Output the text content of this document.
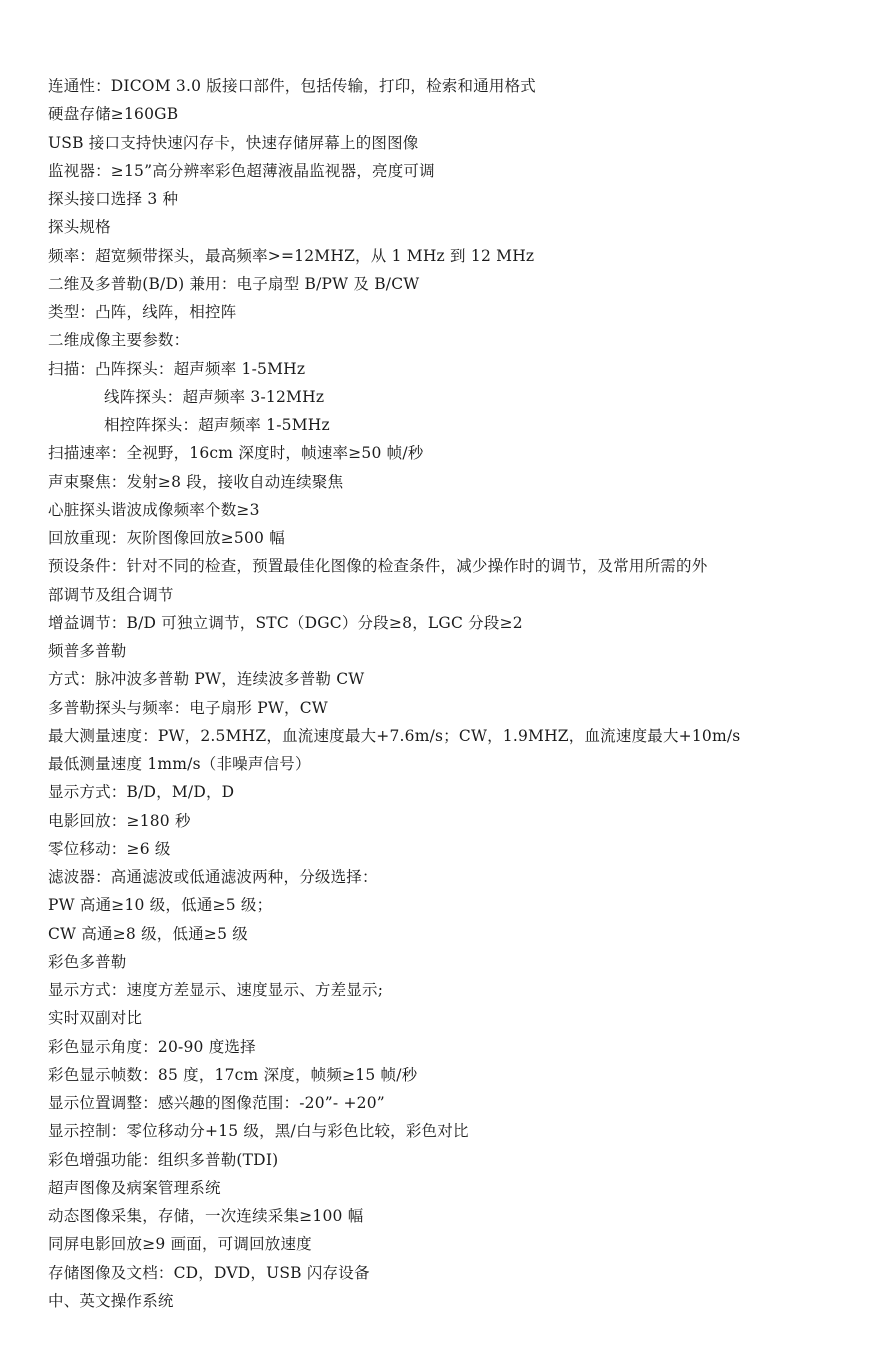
连通性：DICOM 3.0 版接口部件，包括传输，打印，检索和通用格式
硬盘存储≥160GB
USB 接口支持快速闪存卡，快速存储屏幕上的图图像
监视器：≥15”高分辨率彩色超薄液晶监视器，亮度可调
探头接口选择 3 种
探头规格
频率：超宽频带探头，最高频率>=12MHZ，从 1 MHz 到 12 MHz
二维及多普勒(B/D) 兼用：电子扇型 B/PW 及 B/CW
类型：凸阵，线阵，相控阵
二维成像主要参数：
扫描：凸阵探头：超声频率 1-5MHz
线阵探头：超声频率 3-12MHz
相控阵探头：超声频率 1-5MHz
扫描速率：全视野，16cm 深度时，帧速率≥50 帧/秒
声束聚焦：发射≥8 段，接收自动连续聚焦
心脏探头谐波成像频率个数≥3
回放重现：灰阶图像回放≥500 幅
预设条件：针对不同的检查，预置最佳化图像的检查条件，减少操作时的调节，及常用所需的外
部调节及组合调节
增益调节：B/D 可独立调节，STC（DGC）分段≥8，LGC 分段≥2
频普多普勒
方式：脉冲波多普勒 PW，连续波多普勒 CW
多普勒探头与频率：电子扇形 PW，CW
最大测量速度：PW，2.5MHZ，血流速度最大+7.6m/s；CW，1.9MHZ，血流速度最大+10m/s
最低测量速度 1mm/s（非噪声信号）
显示方式：B/D，M/D，D
电影回放：≥180 秒
零位移动：≥6 级
滤波器：高通滤波或低通滤波两种，分级选择：
PW 高通≥10 级，低通≥5 级；
CW 高通≥8 级，低通≥5 级
彩色多普勒
显示方式：速度方差显示、速度显示、方差显示;
实时双副对比
彩色显示角度：20-90 度选择
彩色显示帧数：85 度，17cm 深度，帧频≥15 帧/秒
显示位置调整：感兴趣的图像范围：-20”- +20”
显示控制：零位移动分+15 级，黑/白与彩色比较，彩色对比
彩色增强功能：组织多普勒(TDI)
超声图像及病案管理系统
动态图像采集，存储，一次连续采集≥100 幅
同屏电影回放≥9 画面，可调回放速度
存储图像及文档：CD，DVD，USB 闪存设备
中、英文操作系统
